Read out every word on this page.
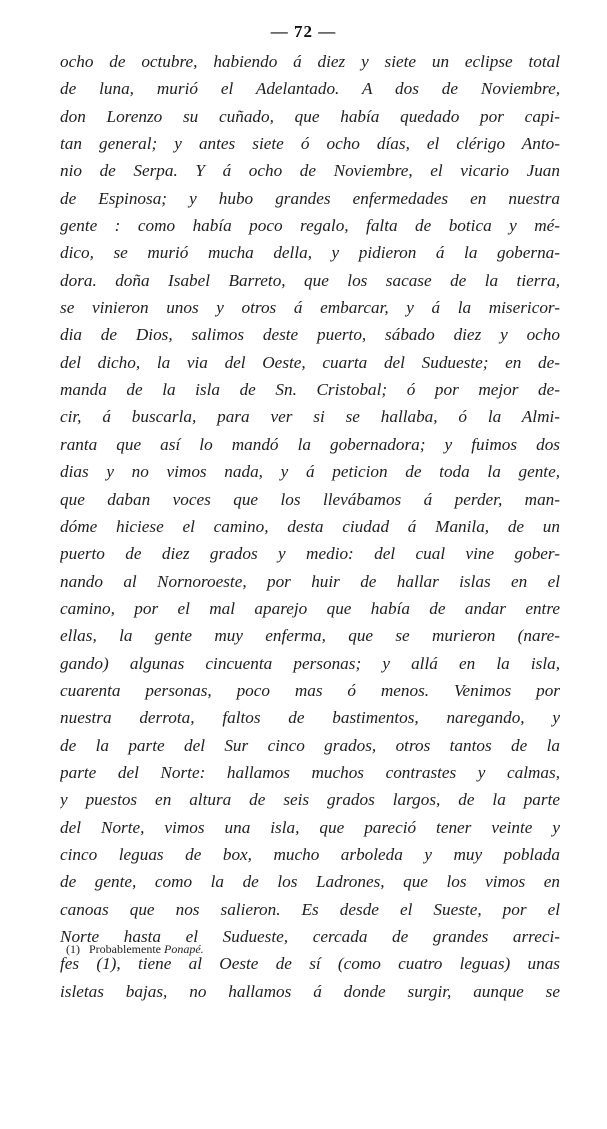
— 72 —
ocho de octubre, habiendo á diez y siete un eclipse total
de luna, murió el Adelantado. A dos de Noviembre,
don Lorenzo su cuñado, que había quedado por capi-
tan general; y antes siete ó ocho días, el clérigo Anto-
nio de Serpa. Y á ocho de Noviembre, el vicario Juan
de Espinosa; y hubo grandes enfermedades en nuestra
gente : como había poco regalo, falta de botica y mé-
dico, se murió mucha della, y pidieron á la goberna-
dora. doña Isabel Barreto, que los sacase de la tierra,
se vinieron unos y otros á embarcar, y á la misericor-
dia de Dios, salimos deste puerto, sábado diez y ocho
del dicho, la via del Oeste, cuarta del Sudueste; en de-
manda de la isla de Sn. Cristobal; ó por mejor de-
cir, á buscarla, para ver si se hallaba, ó la Almi-
ranta que así lo mandó la gobernadora; y fuimos dos
dias y no vimos nada, y á peticion de toda la gente,
que daban voces que los llevábamos á perder, man-
dóme hiciese el camino, desta ciudad á Manila, de un
puerto de diez grados y medio: del cual vine gober-
nando al Nornoroeste, por huir de hallar islas en el
camino, por el mal aparejo que había de andar entre
ellas, la gente muy enferma, que se murieron (nare-
gando) algunas cincuenta personas; y allá en la isla,
cuarenta personas, poco mas ó menos. Venimos por
nuestra derrota, faltos de bastimentos, naregando, y
de la parte del Sur cinco grados, otros tantos de la
parte del Norte: hallamos muchos contrastes y calmas,
y puestos en altura de seis grados largos, de la parte
del Norte, vimos una isla, que pareció tener veinte y
cinco leguas de box, mucho arboleda y muy poblada
de gente, como la de los Ladrones, que los vimos en
canoas que nos salieron. Es desde el Sueste, por el
Norte hasta el Sudueste, cercada de grandes arreci-
fes (1), tiene al Oeste de sí (como cuatro leguas) unas
isletas bajas, no hallamos á donde surgir, aunque se
(1) Probablemente Ponapé.
